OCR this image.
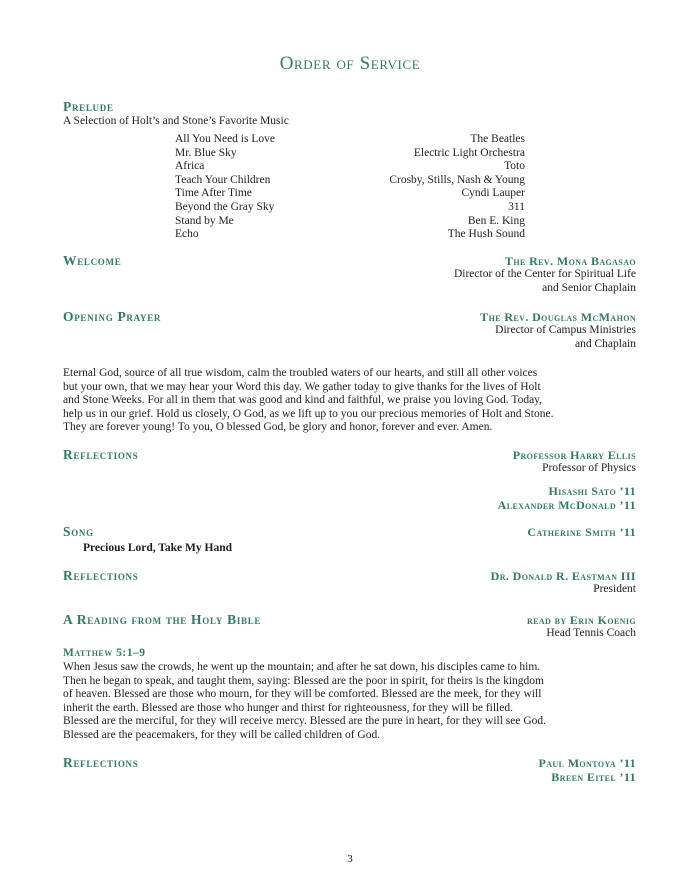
Order of Service
Prelude
A Selection of Holt’s and Stone’s Favorite Music
All You Need is Love	The Beatles
Mr. Blue Sky	Electric Light Orchestra
Africa	Toto
Teach Your Children	Crosby, Stills, Nash & Young
Time After Time	Cyndi Lauper
Beyond the Gray Sky	311
Stand by Me	Ben E. King
Echo	The Hush Sound
Welcome	The Rev. Mona Bagasao
Director of the Center for Spiritual Life
and Senior Chaplain
Opening Prayer	The Rev. Douglas McMahon
Director of Campus Ministries
and Chaplain
Eternal God, source of all true wisdom, calm the troubled waters of our hearts, and still all other voices
but your own, that we may hear your Word this day. We gather today to give thanks for the lives of Holt
and Stone Weeks. For all in them that was good and kind and faithful, we praise you loving God. Today,
help us in our grief. Hold us closely, O God, as we lift up to you our precious memories of Holt and Stone.
They are forever young! To you, O blessed God, be glory and honor, forever and ever. Amen.
Reflections	Professor Harry Ellis
Professor of Physics
Hisashi Sato ’11
Alexander McDonald ’11
Song	Catherine Smith ’11
Precious Lord, Take My Hand
Reflections	Dr. Donald R. Eastman III
President
A Reading from the Holy Bible	read by Erin Koenig
Head Tennis Coach
Matthew 5:1–9
When Jesus saw the crowds, he went up the mountain; and after he sat down, his disciples came to him.
Then he began to speak, and taught them, saying: Blessed are the poor in spirit, for theirs is the kingdom
of heaven. Blessed are those who mourn, for they will be comforted. Blessed are the meek, for they will
inherit the earth. Blessed are those who hunger and thirst for righteousness, for they will be filled.
Blessed are the merciful, for they will receive mercy. Blessed are the pure in heart, for they will see God.
Blessed are the peacemakers, for they will be called children of God.
Reflections	Paul Montoya ’11
Breen Eitel ’11
3
